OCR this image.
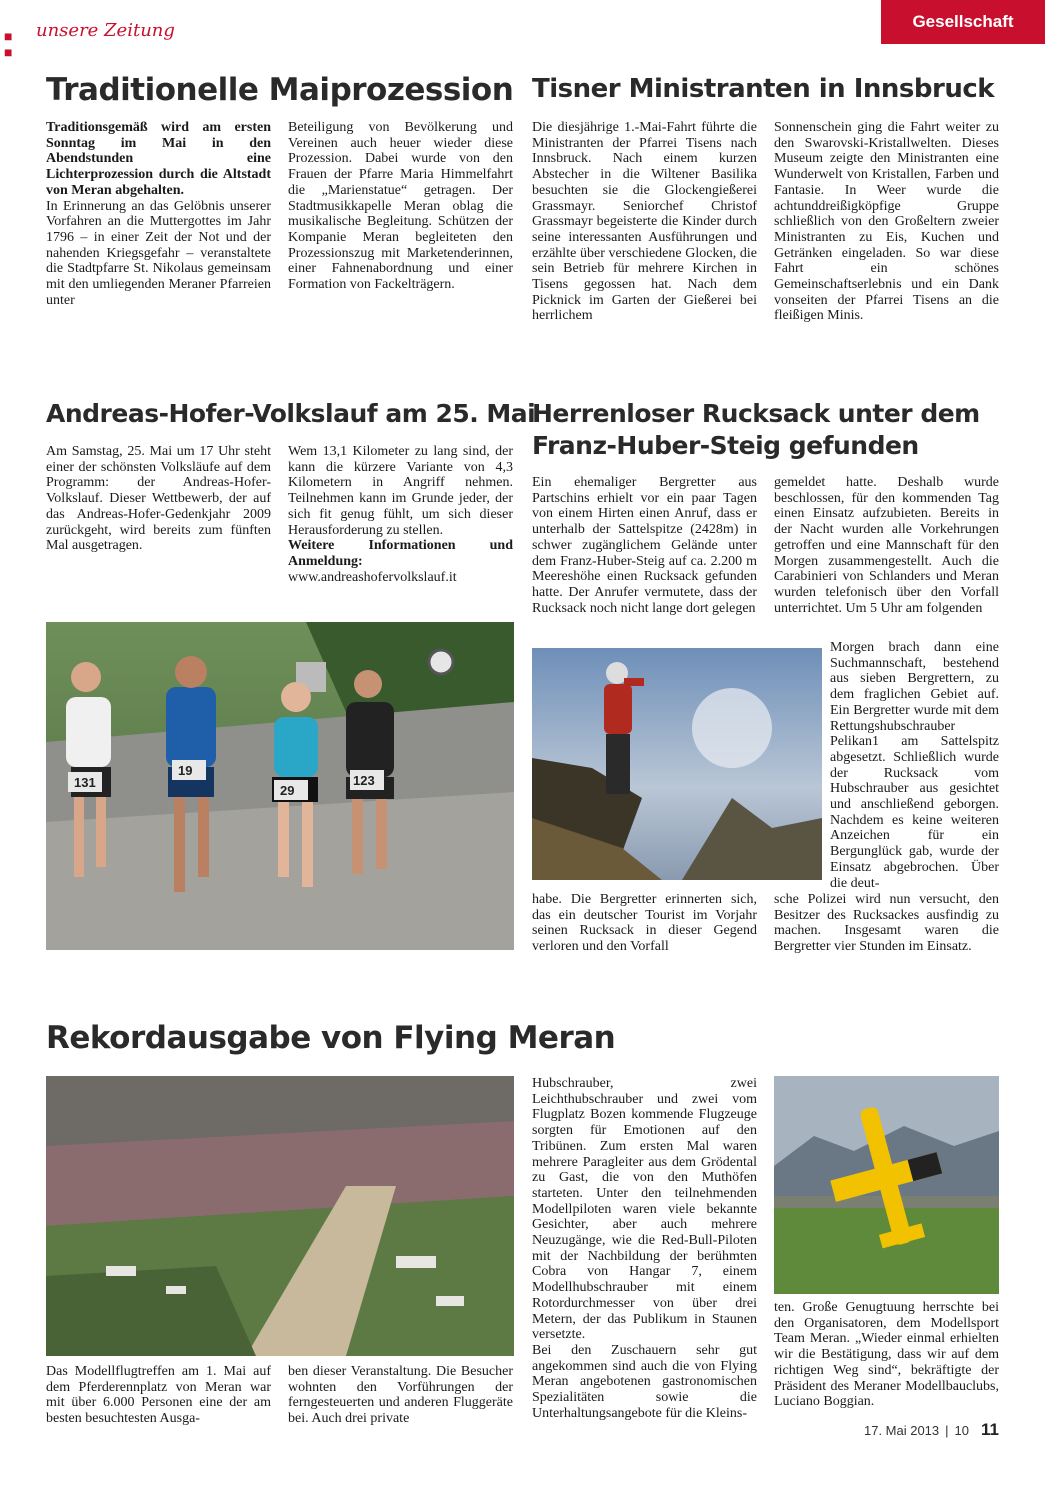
■ ■
unsere Zeitung	Gesellschaft
Traditionelle Maiprozession

Traditionsgemäß wird am ersten Sonntag im Mai in den Abendstunden eine Lichterprozession durch die Altstadt von Meran abgehalten.

In Erinnerung an das Gelöbnis unserer Vorfahren an die Muttergottes im Jahr 1796 – in einer Zeit der Not und der nahenden Kriegsgefahr – veranstaltete die Stadtpfarre St. Nikolaus gemeinsam mit den umliegenden Meraner Pfarreien unter

Beteiligung von Bevölkerung und Vereinen auch heuer wieder diese Prozession. Dabei wurde von den Frauen der Pfarre Maria Himmelfahrt die „Marienstatue“ getragen. Der Stadtmusikkapelle Meran oblag die musikalische Begleitung. Schützen der Kompanie Meran begleiteten den Prozessionszug mit Marketenderinnen, einer Fahnenabordnung und einer Formation von Fackelträgern.

Tisner Ministranten in Innsbruck

Die diesjährige 1.-Mai-Fahrt führte die Ministranten der Pfarrei Tisens nach Innsbruck. Nach einem kurzen Abstecher in die Wiltener Basilika besuchten sie die Glockengießerei Grassmayr. Seniorchef Christof Grassmayr begeisterte die Kinder durch seine interessanten Ausführungen und erzählte über verschiedene Glocken, die sein Betrieb für mehrere Kirchen in Tisens gegossen hat. Nach dem Picknick im Garten der Gießerei bei herrlichem

Sonnenschein ging die Fahrt weiter zu den Swarovski-Kristallwelten. Dieses Museum zeigte den Ministranten eine Wunderwelt von Kristallen, Farben und Fantasie. In Weer wurde die achtunddreißigköpfige Gruppe schließlich von den Großeltern zweier Ministranten zu Eis, Kuchen und Getränken eingeladen. So war diese Fahrt ein schönes Gemeinschaftserlebnis und ein Dank vonseiten der Pfarrei Tisens an die fleißigen Minis.

Andreas-Hofer-Volkslauf am 25. Mai

Am Samstag, 25. Mai um 17 Uhr steht einer der schönsten Volksläufe auf dem Programm: der Andreas-Hofer-Volkslauf. Dieser Wettbewerb, der auf das Andreas-Hofer-Gedenkjahr 2009 zurückgeht, wird bereits zum fünften Mal ausgetragen.

Wem 13,1 Kilometer zu lang sind, der kann die kürzere Variante von 4,3 Kilometern in Angriff nehmen. Teilnehmen kann im Grunde jeder, der sich fit genug fühlt, um sich dieser Herausforderung zu stellen.

Weitere Informationen und Anmeldung:

www.andreashofervolkslauf.it

131
19
29
123
Herrenloser Rucksack unter dem
Franz-Huber-Steig gefunden

Ein ehemaliger Bergretter aus Partschins erhielt vor ein paar Tagen von einem Hirten einen Anruf, dass er unterhalb der Sattelspitze (2428m) in schwer zugänglichem Gelände unter dem Franz-Huber-Steig auf ca. 2.200 m Meereshöhe einen Rucksack gefunden hatte. Der Anrufer vermutete, dass der Rucksack noch nicht lange dort gelegen

habe. Die Bergretter erinnerten sich, das ein deutscher Tourist im Vorjahr seinen Rucksack in dieser Gegend verloren und den Vorfall

gemeldet hatte. Deshalb wurde beschlossen, für den kommenden Tag einen Einsatz aufzubieten. Bereits in der Nacht wurden alle Vorkehrungen getroffen und eine Mannschaft für den Morgen zusammengestellt. Auch die Carabinieri von Schlanders und Meran wurden telefonisch über den Vorfall unterrichtet. Um 5 Uhr am folgenden

Morgen brach dann eine Suchmannschaft, bestehend aus sieben Bergrettern, zu dem fraglichen Gebiet auf. Ein Bergretter wurde mit dem Rettungshubschrauber Pelikan1 am Sattelspitz abgesetzt. Schließlich wurde der Rucksack vom Hubschrauber aus gesichtet und anschließend geborgen. Nachdem es keine weiteren Anzeichen für ein Bergunglück gab, wurde der Einsatz abgebrochen. Über die deut-

sche Polizei wird nun versucht, den Besitzer des Rucksackes ausfindig zu machen. Insgesamt waren die Bergretter vier Stunden im Einsatz.

Rekordausgabe von Flying Meran

Das Modellflugtreffen am 1. Mai auf dem Pferderennplatz von Meran war mit über 6.000 Personen eine der am besten besuchtesten Ausga-

ben dieser Veranstaltung. Die Besucher wohnten den Vorführungen der ferngesteuerten und anderen Fluggeräte bei. Auch drei private

Hubschrauber, zwei Leichthubschrauber und zwei vom Flugplatz Bozen kommende Flugzeuge sorgten für Emotionen auf den Tribünen. Zum ersten Mal waren mehrere Paragleiter aus dem Grödental zu Gast, die von den Muthöfen starteten. Unter den teilnehmenden Modellpiloten waren viele bekannte Gesichter, aber auch mehrere Neuzugänge, wie die Red-Bull-Piloten mit der Nachbildung der berühmten Cobra von Hangar 7, einem Modellhubschrauber mit einem Rotordurchmesser von über drei Metern, der das Publikum in Staunen versetzte.

Bei den Zuschauern sehr gut angekommen sind auch die von Flying Meran angebotenen gastronomischen Spezialitäten sowie die Unterhaltungsangebote für die Kleins-

ten. Große Genugtuung herrschte bei den Organisatoren, dem Modellsport Team Meran. „Wieder einmal erhielten wir die Bestätigung, dass wir auf dem richtigen Weg sind“, bekräftigte der Präsident des Meraner Modellbauclubs, Luciano Boggian.

17. Mai 2013 | 10 11
